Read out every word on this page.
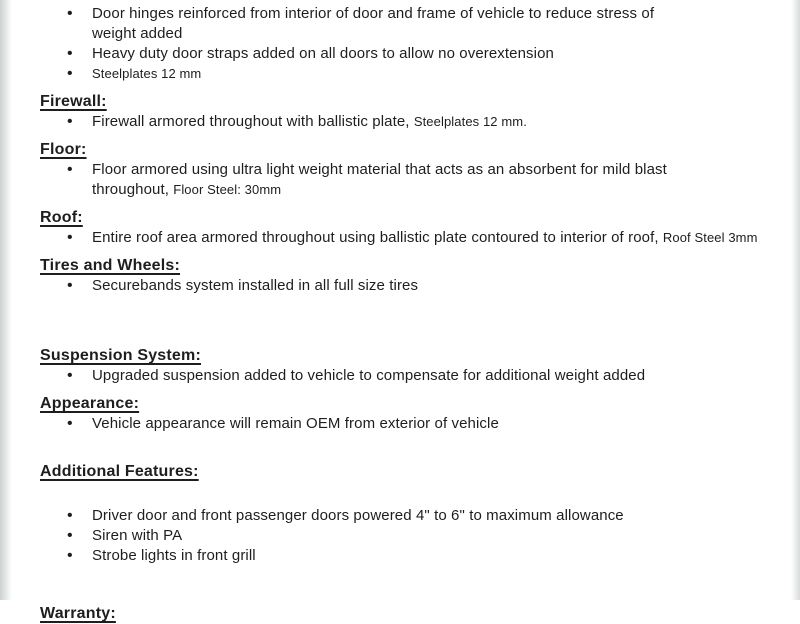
• Door hinges reinforced from interior of door and frame of vehicle to reduce stress of weight added
• Heavy duty door straps added on all doors to allow no overextension
• Steelplates 12 mm
Firewall:
• Firewall armored throughout with ballistic plate, Steelplates 12 mm.
Floor:
• Floor armored using ultra light weight material that acts as an absorbent for mild blast throughout, Floor Steel: 30mm
Roof:
• Entire roof area armored throughout using ballistic plate contoured to interior of roof, Roof Steel 3mm
Tires and Wheels:
• Securebands system installed in all full size tires
Suspension System:
• Upgraded suspension added to vehicle to compensate for additional weight added
Appearance:
• Vehicle appearance will remain OEM from exterior of vehicle
Additional Features:
• Driver door and front passenger doors powered 4" to 6" to maximum allowance
• Siren with PA
• Strobe lights in front grill
Warranty:
